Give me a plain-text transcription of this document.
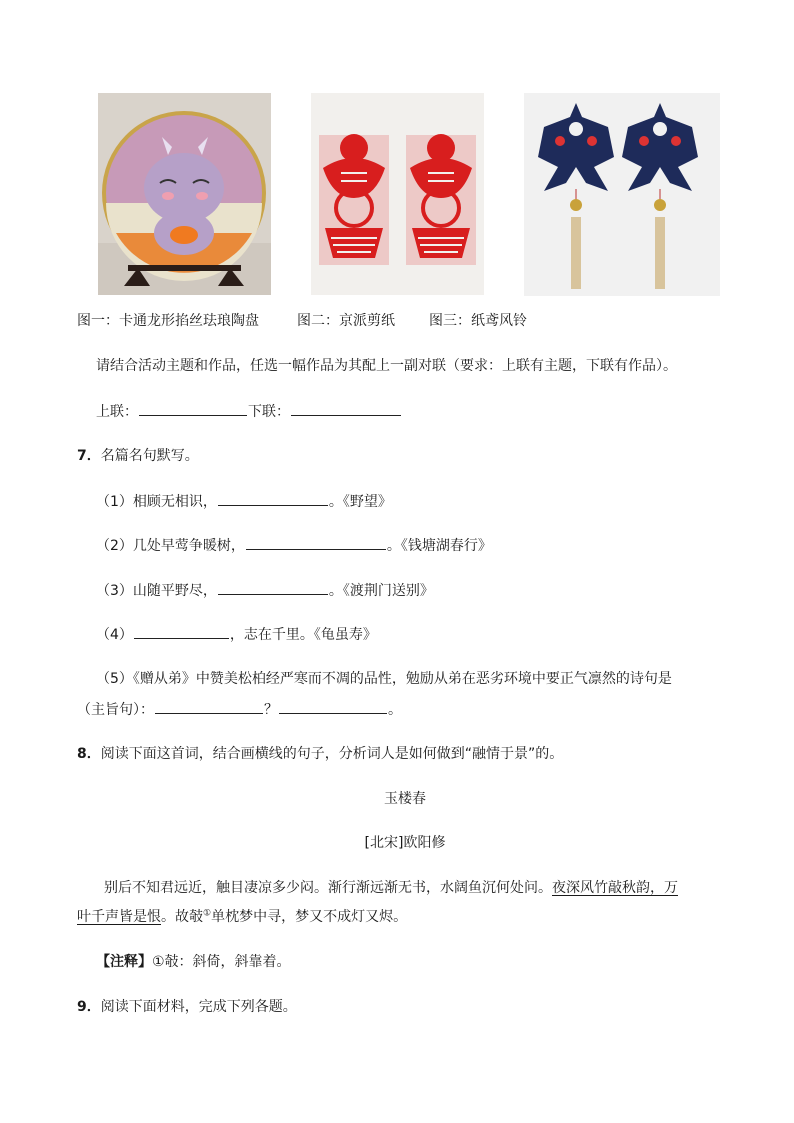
图一：卡通龙形掐丝珐琅陶盘	图二：京派剪纸 图三：纸鸢风铃
请结合活动主题和作品，任选一幅作品为其配上一副对联（要求：上联有主题，下联有作品）。
上联：	下联：
7．名篇名句默写。
（1）相顾无相识，	。《野望》
（2）几处早莺争暖树，	。《钱塘湖春行》
（3）山随平野尽，	。《渡荆门送别》
（4）	，志在千里。《龟虽寿》
（5）《赠从弟》中赞美松柏经严寒而不凋的品性，勉励从弟在恶劣环境中要正气凛然的诗句是
（主旨句）：	？	。
8．阅读下面这首词，结合画横线的句子，分析词人是如何做到“融情于景”的。
玉楼春
[北宋]欧阳修
别后不知君远近，触目凄凉多少闷。渐行渐远渐无书，水阔鱼沉何处问。夜深风竹敲秋韵，万
叶千声皆是恨。故攲①单枕梦中寻，梦又不成灯又烬。
【注释】①攲：斜倚，斜靠着。
9．阅读下面材料，完成下列各题。
